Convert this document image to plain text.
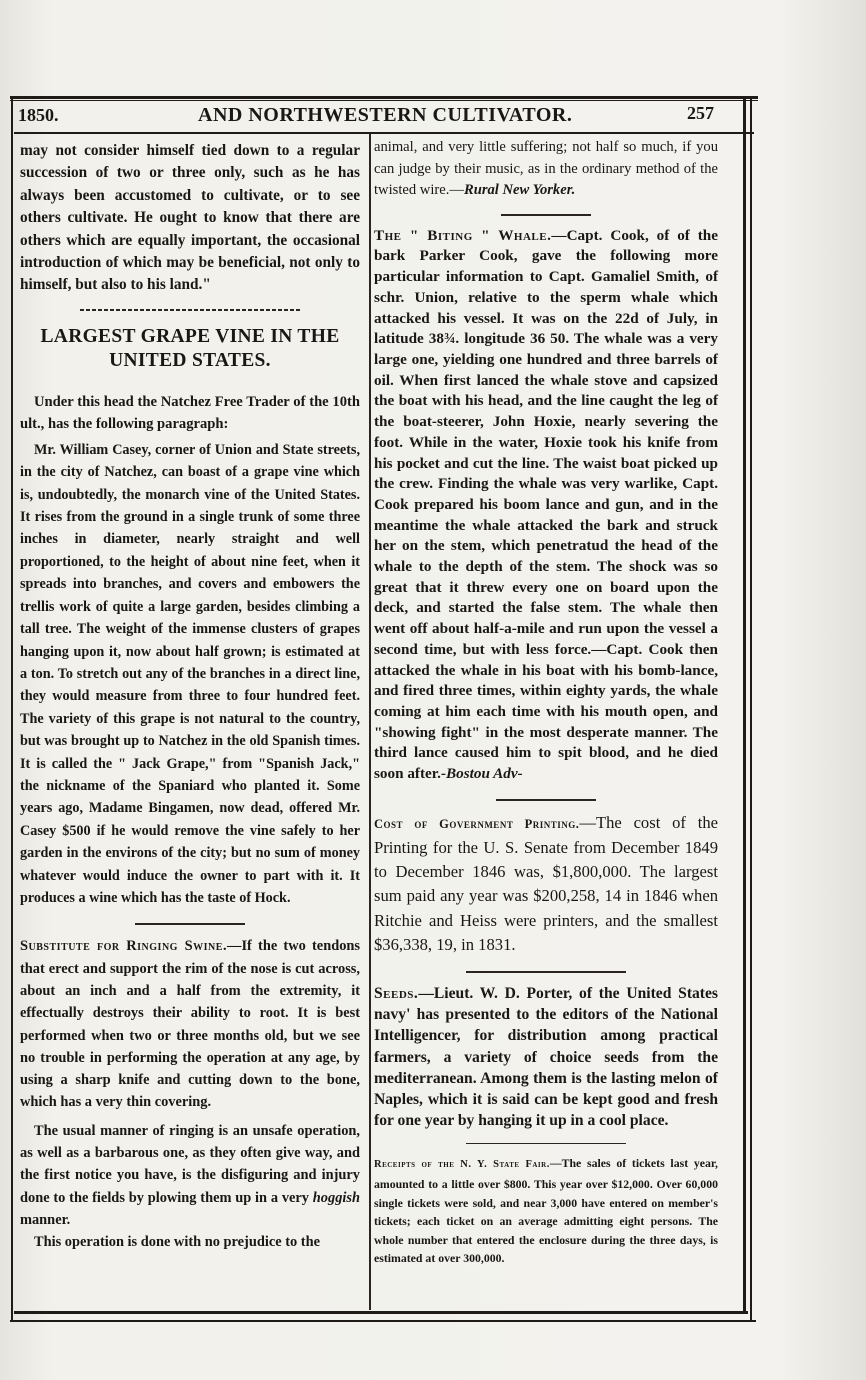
1850.	AND NORTHWESTERN CULTIVATOR.	257

may not consider himself tied down to a regular succession of two or three only, such as he has always been accustomed to cultivate, or to see others cultivate. He ought to know that there are others which are equally important, the occasional introduction of which may be beneficial, not only to himself, but also to his land."

LARGEST GRAPE VINE IN THE UNITED STATES.

Under this head the Natchez Free Trader of the 10th ult., has the following paragraph:

Mr. William Casey, corner of Union and State streets, in the city of Natchez, can boast of a grape vine which is, undoubtedly, the monarch vine of the United States. It rises from the ground in a single trunk of some three inches in diameter, nearly straight and well proportioned, to the height of about nine feet, when it spreads into branches, and covers and embowers the trellis work of quite a large garden, besides climbing a tall tree. The weight of the immense clusters of grapes hanging upon it, now about half grown; is estimated at a ton. To stretch out any of the branches in a direct line, they would measure from three to four hundred feet. The variety of this grape is not natural to the country, but was brought up to Natchez in the old Spanish times. It is called the " Jack Grape," from "Spanish Jack," the nickname of the Spaniard who planted it. Some years ago, Madame Bingamen, now dead, offered Mr. Casey $500 if he would remove the vine safely to her garden in the environs of the city; but no sum of money whatever would induce the owner to part with it. It produces a wine which has the taste of Hock.

Substitute for Ringing Swine.—If the two tendons that erect and support the rim of the nose is cut across, about an inch and a half from the extremity, it effectually destroys their ability to root. It is best performed when two or three months old, but we see no trouble in performing the operation at any age, by using a sharp knife and cutting down to the bone, which has a very thin covering.

The usual manner of ringing is an unsafe operation, as well as a barbarous one, as they often give way, and the first notice you have, is the disfiguring and injury done to the fields by plowing them up in a very hoggish manner.

This operation is done with no prejudice to the

animal, and very little suffering; not half so much, if you can judge by their music, as in the ordinary method of the twisted wire.—Rural New Yorker.

The " Biting " Whale.—Capt. Cook, of of the bark Parker Cook, gave the following more particular information to Capt. Gamaliel Smith, of schr. Union, relative to the sperm whale which attacked his vessel. It was on the 22d of July, in latitude 38¾. longitude 36 50. The whale was a very large one, yielding one hundred and three barrels of oil. When first lanced the whale stove and capsized the boat with his head, and the line caught the leg of the boat-steerer, John Hoxie, nearly severing the foot. While in the water, Hoxie took his knife from his pocket and cut the line. The waist boat picked up the crew. Finding the whale was very warlike, Capt. Cook prepared his boom lance and gun, and in the meantime the whale attacked the bark and struck her on the stem, which penetratud the head of the whale to the depth of the stem. The shock was so great that it threw every one on board upon the deck, and started the false stem. The whale then went off about half-a-mile and run upon the vessel a second time, but with less force.—Capt. Cook then attacked the whale in his boat with his bomb-lance, and fired three times, within eighty yards, the whale coming at him each time with his mouth open, and "showing fight" in the most desperate manner. The third lance caused him to spit blood, and he died soon after.-Bostou Adv-

Cost of Government Printing.—The cost of the Printing for the U. S. Senate from December 1849 to December 1846 was, $1,800,000. The largest sum paid any year was $200,258, 14 in 1846 when Ritchie and Heiss were printers, and the smallest $36,338, 19, in 1831.

Seeds.—Lieut. W. D. Porter, of the United States navy' has presented to the editors of the National Intelligencer, for distribution among practical farmers, a variety of choice seeds from the mediterranean. Among them is the lasting melon of Naples, which it is said can be kept good and fresh for one year by hanging it up in a cool place.

Receipts of the N. Y. State Fair.—The sales of tickets last year, amounted to a little over $800. This year over $12,000. Over 60,000 single tickets were sold, and near 3,000 have entered on member's tickets; each ticket on an average admitting eight persons. The whole number that entered the enclosure during the three days, is estimated at over 300,000.
